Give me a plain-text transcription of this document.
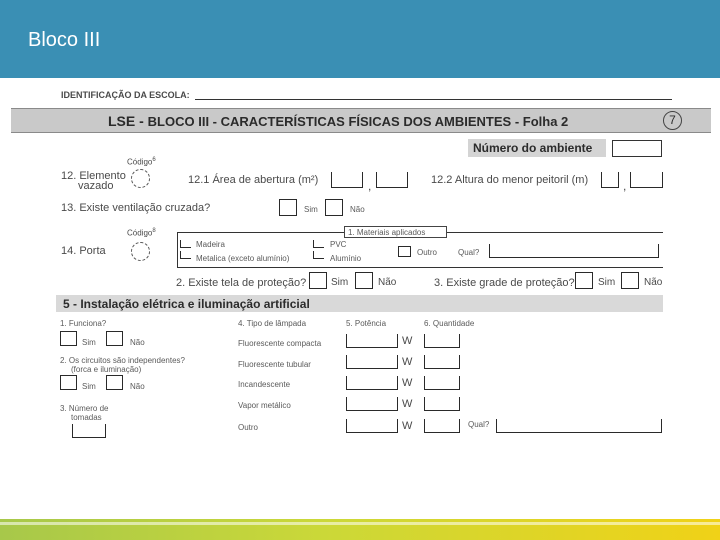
Bloco III
IDENTIFICAÇÃO DA ESCOLA:
LSE - BLOCO III - CARACTERÍSTICAS FÍSICAS DOS AMBIENTES - Folha 2	7
Número do ambiente
Código$^6$
12. Elemento
vazado	12.1 Área de abertura (m²)	,	12.2 Altura do menor peitoril (m)	,
13. Existe ventilação cruzada?	Sim	Não
Código$^8$
14. Porta
1. Materiais aplicados
Madeira	PVC
Outro	Qual?
Metalica (exceto alumínio)	Alumínio
2. Existe tela de proteção? Sim	Não	3. Existe grade de proteção? Sim	Não
5 - Instalação elétrica e iluminação artificial
1. Funciona?
Sim	Não
2. Os circuitos são independentes?
(forca e iluminação)
Sim	Não
3. Número de
tomadas
4. Tipo de lâmpada	5. Potência	6. Quantidade
Fluorescente compacta	W
Fluorescente tubular	W
Incandescente	W
Vapor metálico	W
Outro	W	Qual?
